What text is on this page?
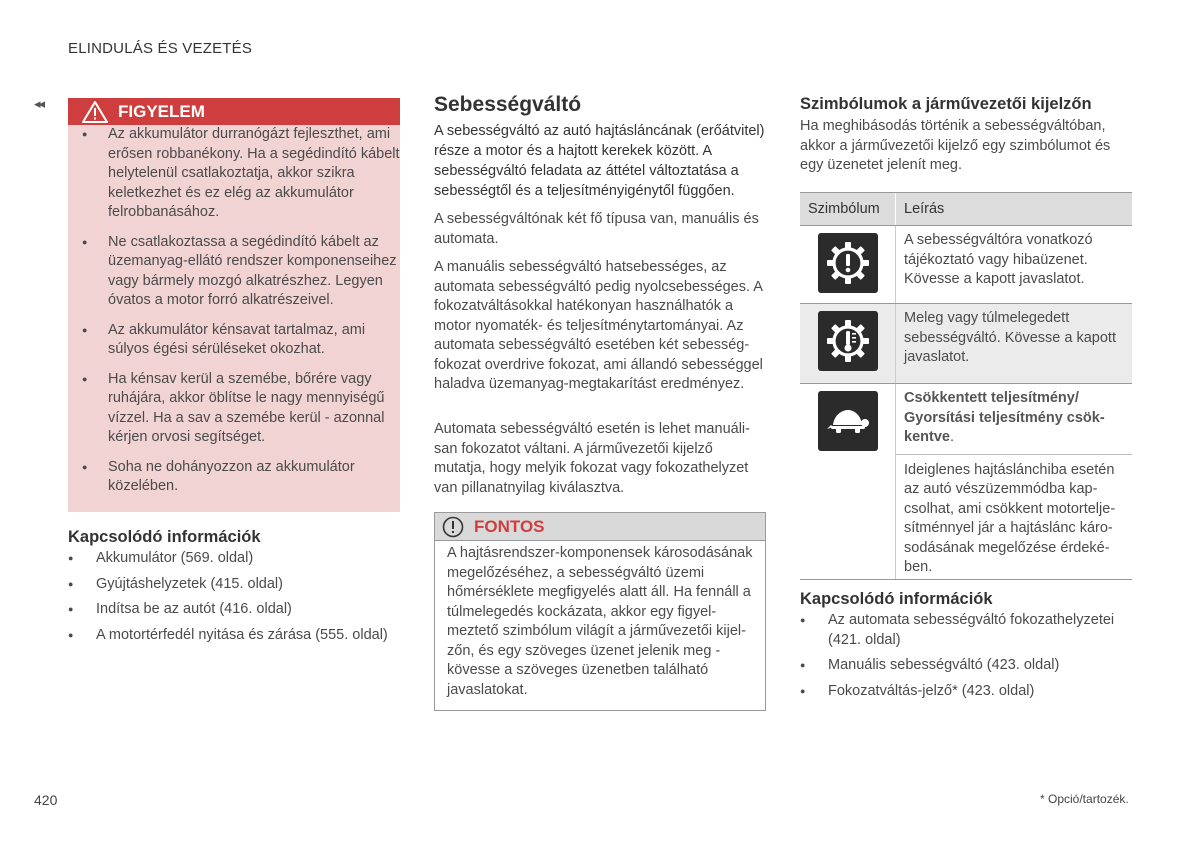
ELINDULÁS ÉS VEZETÉS
◂◂	FIGYELEM
● Az akkumulátor durranógázt fejleszthet, ami erősen robbanékony. Ha a segédindító kábelt helytelenül csatlakoztatja, akkor szikra keletkezhet és ez elég az akkumulátor felrobbanásához.
● Ne csatlakoztassa a segédindító kábelt az üzemanyag-ellátó rendszer komponenseihez vagy bármely mozgó alkatrészhez. Legyen óvatos a motor forró alkatrészeivel.
● Az akkumulátor kénsavat tartalmaz, ami súlyos égési sérüléseket okozhat.
● Ha kénsav kerül a szemébe, bőrére vagy ruhájára, akkor öblítse le nagy mennyiségű vízzel. Ha a sav a szemébe kerül - azonnal kérjen orvosi segítséget.
● Soha ne dohányozzon az akkumulátor közelében.
Kapcsolódó információk
● Akkumulátor (569. oldal)
● Gyújtáshelyzetek (415. oldal)
● Indítsa be az autót (416. oldal)
● A motortérfedél nyitása és zárása (555. oldal)
Sebességváltó
A sebességváltó az autó hajtásláncának (erőátvitel) része a motor és a hajtott kerekek között. A sebességváltó feladata az áttétel változtatása a sebességtől és a teljesítményigénytől függően.

A sebességváltónak két fő típusa van, manuális és automata.

A manuális sebességváltó hatsebességes, az automata sebességváltó pedig nyolcsebességes. A fokozatváltásokkal hatékonyan használhatók a motor nyomaték- és teljesítménytartományai. Az automata sebességváltó esetében két sebességfokozat overdrive fokozat, ami állandó sebességgel haladva üzemanyag-megtakarítást eredményez.

Automata sebességváltó esetén is lehet manuálisan fokozatot váltani. A járművezetői kijelző mutatja, hogy melyik fokozat vagy fokozathelyzet van pillanatnyilag kiválasztva.

FONTOS
A hajtásrendszer-komponensek károsodásának megelőzéséhez, a sebességváltó üzemi hőmérséklete megfigyelés alatt áll. Ha fennáll a túlmelegedés kockázata, akkor egy figyelmeztető szimbólum világít a járművezetői kijelzőn, és egy szöveges üzenet jelenik meg - kövesse a szöveges üzenetben található javaslatokat.
Szimbólumok a járművezetői kijelzőn
Ha meghibásodás történik a sebességváltóban, akkor a járművezetői kijelző egy szimbólumot és egy üzenetet jelenít meg.
Szimbólum	Leírás
A sebességváltóra vonatkozó tájékoztató vagy hibaüzenet. Kövesse a kapott javaslatot.
Meleg vagy túlmelegedett sebességváltó. Kövesse a kapott javaslatot.
Csökkentett teljesítmény/ Gyorsítási teljesítmény csökkentve.
Ideiglenes hajtáslánchiba esetén az autó vészüzemmódba kapcsolhat, ami csökkent motorteljesítménnyel jár a hajtáslánc károsodásának megelőzése érdekében.
Kapcsolódó információk
● Az automata sebességváltó fokozathelyzetei (421. oldal)
● Manuális sebességváltó (423. oldal)
● Fokozatváltás-jelző* (423. oldal)
420	* Opció/tartozék.
